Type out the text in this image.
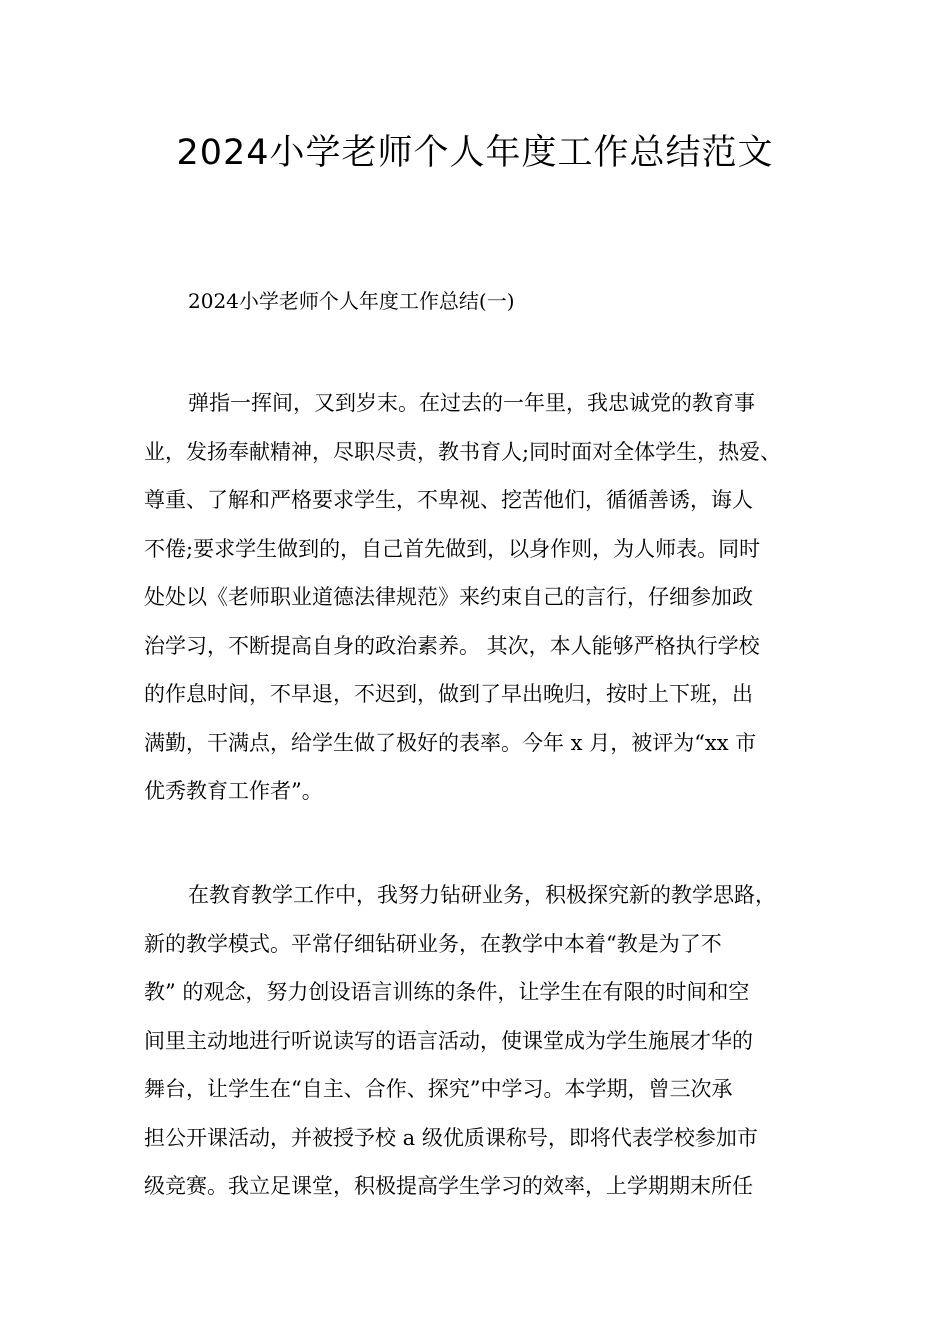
2024小学老师个人年度工作总结范文
2024小学老师个人年度工作总结(一)
弹指一挥间，又到岁末。在过去的一年里，我忠诚党的教育事
业，发扬奉献精神，尽职尽责，教书育人;同时面对全体学生，热爱、
尊重、了解和严格要求学生，不卑视、挖苦他们，循循善诱，诲人
不倦;要求学生做到的，自己首先做到，以身作则，为人师表。同时
处处以《老师职业道德法律规范》来约束自己的言行，仔细参加政
治学习，不断提高自身的政治素养。 其次，本人能够严格执行学校
的作息时间，不早退，不迟到，做到了早出晚归，按时上下班，出
满勤，干满点，给学生做了极好的表率。今年 x 月，被评为“xx 市
优秀教育工作者”。
在教育教学工作中，我努力钻研业务，积极探究新的教学思路，
新的教学模式。平常仔细钻研业务，在教学中本着“教是为了不
教” 的观念，努力创设语言训练的条件，让学生在有限的时间和空
间里主动地进行听说读写的语言活动，使课堂成为学生施展才华的
舞台，让学生在“自主、合作、探究”中学习。本学期，曾三次承
担公开课活动，并被授予校 a 级优质课称号，即将代表学校参加市
级竞赛。我立足课堂，积极提高学生学习的效率，上学期期末所任
